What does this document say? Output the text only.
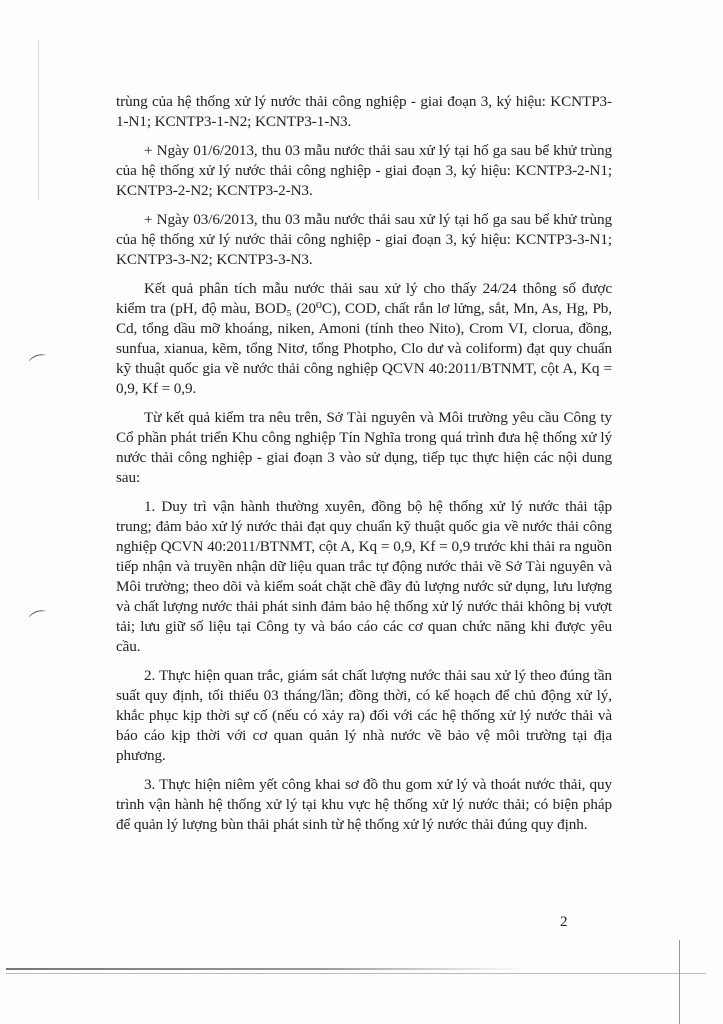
⌒
⌒

trùng của hệ thống xử lý nước thải công nghiệp - giai đoạn 3, ký hiệu: KCNTP3-1-N1; KCNTP3-1-N2; KCNTP3-1-N3.

+ Ngày 01/6/2013, thu 03 mẫu nước thải sau xử lý tại hố ga sau bể khử trùng của hệ thống xử lý nước thải công nghiệp - giai đoạn 3, ký hiệu: KCNTP3-2-N1; KCNTP3-2-N2; KCNTP3-2-N3.

+ Ngày 03/6/2013, thu 03 mẫu nước thải sau xử lý tại hố ga sau bể khử trùng của hệ thống xử lý nước thải công nghiệp - giai đoạn 3, ký hiệu: KCNTP3-3-N1; KCNTP3-3-N2; KCNTP3-3-N3.

Kết quả phân tích mẫu nước thải sau xử lý cho thấy 24/24 thông số được kiểm tra (pH, độ màu, BOD₅ (20⁰C), COD, chất rắn lơ lửng, sắt, Mn, As, Hg, Pb, Cd, tổng dầu mỡ khoáng, niken, Amoni (tính theo Nito), Crom VI, clorua, đồng, sunfua, xianua, kẽm, tổng Nitơ, tổng Photpho, Clo dư và coliform) đạt quy chuẩn kỹ thuật quốc gia về nước thải công nghiệp QCVN 40:2011/BTNMT, cột A, Kq = 0,9, Kf = 0,9.

Từ kết quả kiểm tra nêu trên, Sở Tài nguyên và Môi trường yêu cầu Công ty Cổ phần phát triển Khu công nghiệp Tín Nghĩa trong quá trình đưa hệ thống xử lý nước thải công nghiệp - giai đoạn 3 vào sử dụng, tiếp tục thực hiện các nội dung sau:

1. Duy trì vận hành thường xuyên, đồng bộ hệ thống xử lý nước thải tập trung; đảm bảo xử lý nước thải đạt quy chuẩn kỹ thuật quốc gia về nước thải công nghiệp QCVN 40:2011/BTNMT, cột A, Kq = 0,9, Kf = 0,9 trước khi thải ra nguồn tiếp nhận và truyền nhận dữ liệu quan trắc tự động nước thải về Sở Tài nguyên và Môi trường; theo dõi và kiểm soát chặt chẽ đầy đủ lượng nước sử dụng, lưu lượng và chất lượng nước thải phát sinh đảm bảo hệ thống xử lý nước thải không bị vượt tải; lưu giữ số liệu tại Công ty và báo cáo các cơ quan chức năng khi được yêu cầu.

2. Thực hiện quan trắc, giám sát chất lượng nước thải sau xử lý theo đúng tần suất quy định, tối thiểu 03 tháng/lần; đồng thời, có kế hoạch để chủ động xử lý, khắc phục kịp thời sự cố (nếu có xảy ra) đối với các hệ thống xử lý nước thải và báo cáo kịp thời với cơ quan quản lý nhà nước về bảo vệ môi trường tại địa phương.

3. Thực hiện niêm yết công khai sơ đồ thu gom xử lý và thoát nước thải, quy trình vận hành hệ thống xử lý tại khu vực hệ thống xử lý nước thải; có biện pháp để quản lý lượng bùn thải phát sinh từ hệ thống xử lý nước thải đúng quy định.

2
